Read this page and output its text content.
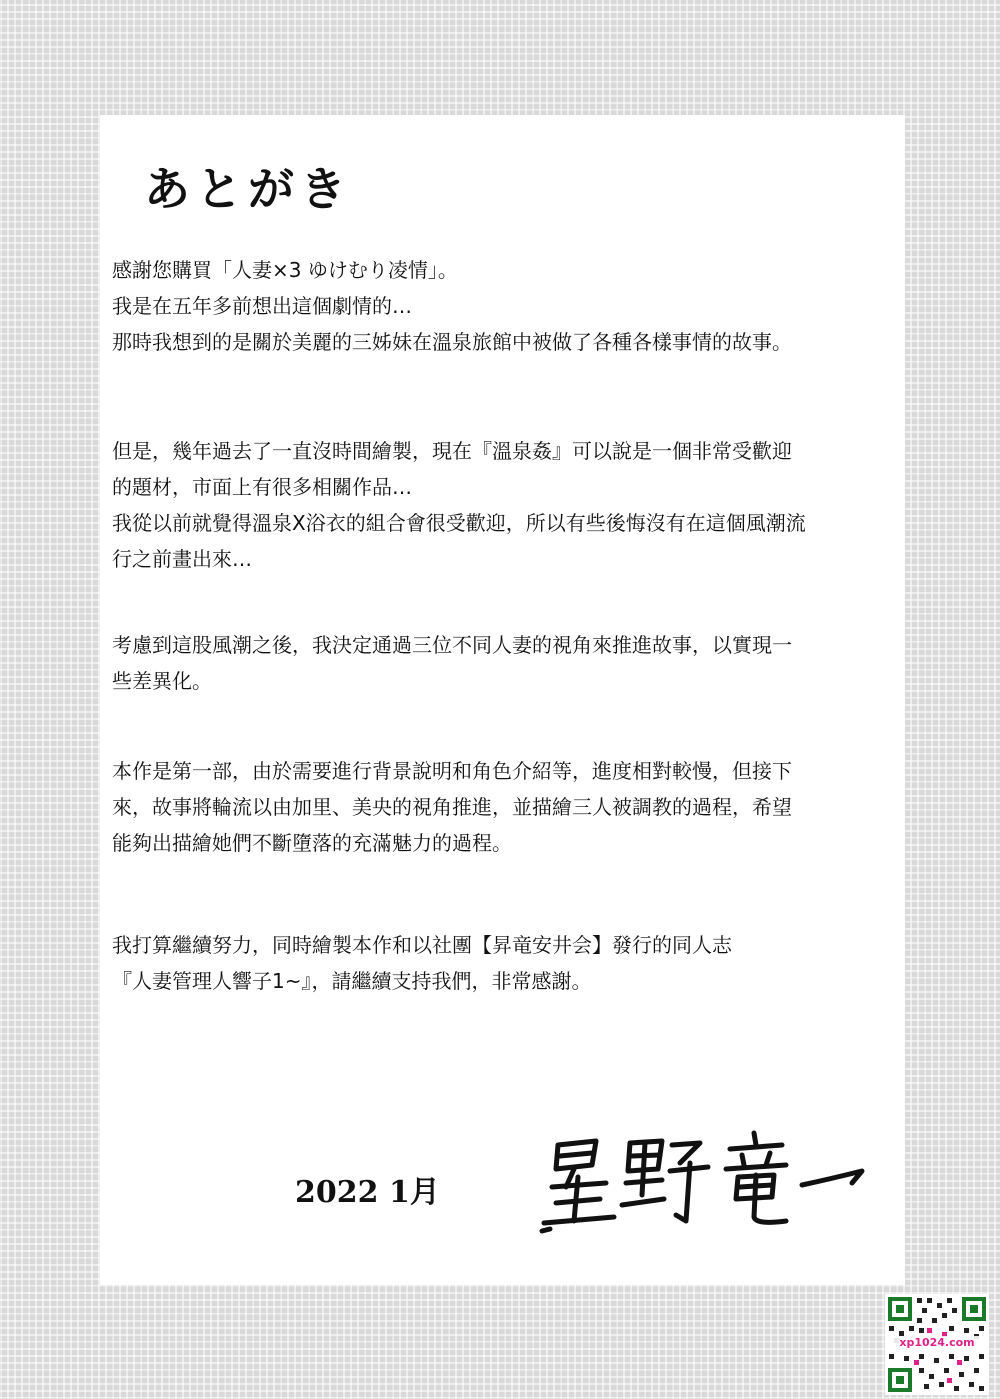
あとがき
感謝您購買「人妻×3 ゆけむり凌情」。
我是在五年多前想出這個劇情的…
那時我想到的是關於美麗的三姊妹在溫泉旅館中被做了各種各樣事情的故事。
但是，幾年過去了一直沒時間繪製，現在『溫泉姦』可以說是一個非常受歡迎
的題材，市面上有很多相關作品…
我從以前就覺得溫泉X浴衣的組合會很受歡迎，所以有些後悔沒有在這個風潮流
行之前畫出來…
考慮到這股風潮之後，我決定通過三位不同人妻的視角來推進故事，以實現一
些差異化。
本作是第一部，由於需要進行背景說明和角色介紹等，進度相對較慢，但接下
來，故事將輪流以由加里、美央的視角推進，並描繪三人被調教的過程，希望
能夠出描繪她們不斷墮落的充滿魅力的過程。
我打算繼續努力，同時繪製本作和以社團【昇竜安井会】發行的同人志
『人妻管理人響子1~』，請繼續支持我們，非常感謝。
2022 1月
xp1024.com
